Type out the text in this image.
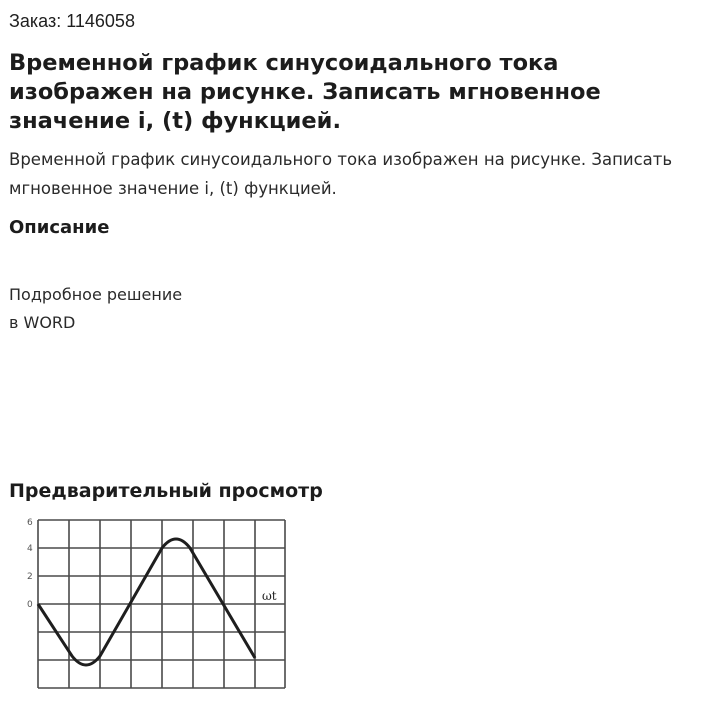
Заказ: 1146058
Временной график синусоидального тока изображен на рисунке. Записать мгновенное значение i, (t) функцией.

Временной график синусоидального тока изображен на рисунке. Записать мгновенное значение i, (t) функцией.

Описание
Подробное решение
в WORD
Предварительный просмотр
6
4
2
0
ωt
